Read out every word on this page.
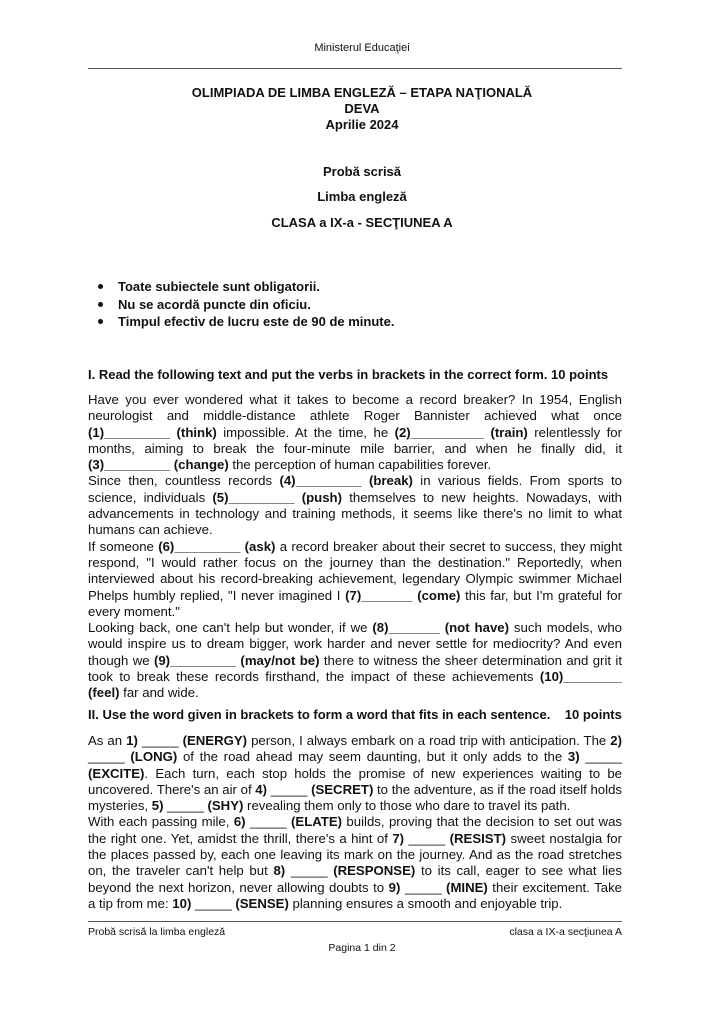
Ministerul Educaţiei
OLIMPIADA DE LIMBA ENGLEZĂ – ETAPA NAŢIONALĂ
DEVA
Aprilie 2024
Probă scrisă
Limba engleză
CLASA a IX-a - SECŢIUNEA A
Toate subiectele sunt obligatorii.
Nu se acordă puncte din oficiu.
Timpul efectiv de lucru este de 90 de minute.
I. Read the following text and put the verbs in brackets in the correct form. 10 points

Have you ever wondered what it takes to become a record breaker? In 1954, English neurologist and middle-distance athlete Roger Bannister achieved what once (1)_________ (think) impossible. At the time, he (2)__________ (train) relentlessly for months, aiming to break the four-minute mile barrier, and when he finally did, it (3)_________ (change) the perception of human capabilities forever.

Since then, countless records (4)_________ (break) in various fields. From sports to science, individuals (5)_________ (push) themselves to new heights. Nowadays, with advancements in technology and training methods, it seems like there's no limit to what humans can achieve.

If someone (6)_________ (ask) a record breaker about their secret to success, they might respond, "I would rather focus on the journey than the destination." Reportedly, when interviewed about his record-breaking achievement, legendary Olympic swimmer Michael Phelps humbly replied, "I never imagined I (7)_______ (come) this far, but I'm grateful for every moment."

Looking back, one can't help but wonder, if we (8)_______ (not have) such models, who would inspire us to dream bigger, work harder and never settle for mediocrity? And even though we (9)_________ (may/not be) there to witness the sheer determination and grit it took to break these records firsthand, the impact of these achievements (10)________ (feel) far and wide.

II. Use the word given in brackets to form a word that fits in each sentence.    10 points

As an 1) _____ (ENERGY) person, I always embark on a road trip with anticipation. The 2) _____ (LONG) of the road ahead may seem daunting, but it only adds to the 3) _____ (EXCITE). Each turn, each stop holds the promise of new experiences waiting to be uncovered. There's an air of 4) _____ (SECRET) to the adventure, as if the road itself holds mysteries, 5) _____ (SHY) revealing them only to those who dare to travel its path.

With each passing mile, 6) _____ (ELATE) builds, proving that the decision to set out was the right one. Yet, amidst the thrill, there's a hint of 7) _____ (RESIST) sweet nostalgia for the places passed by, each one leaving its mark on the journey. And as the road stretches on, the traveler can't help but 8) _____ (RESPONSE) to its call, eager to see what lies beyond the next horizon, never allowing doubts to 9) _____ (MINE) their excitement. Take a tip from me: 10) _____ (SENSE) planning ensures a smooth and enjoyable trip.

Probă scrisă la limba engleză	clasa a IX-a secţiunea A
Pagina 1 din 2
